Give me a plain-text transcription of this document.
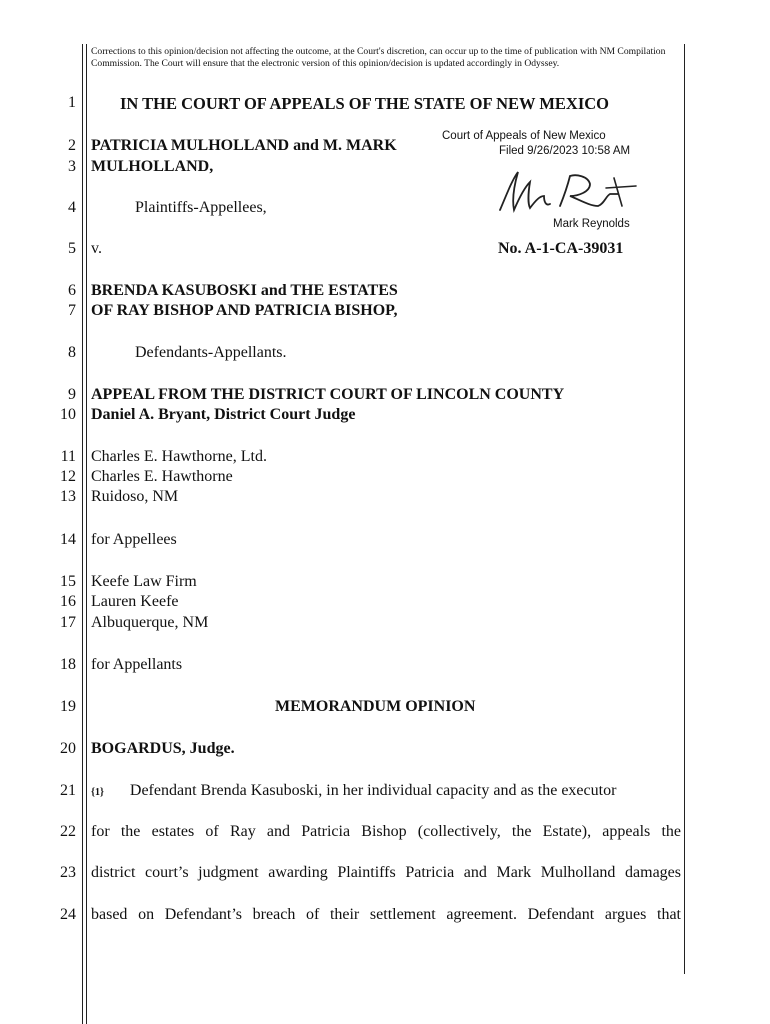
Corrections to this opinion/decision not affecting the outcome, at the Court's discretion, can occur up to the time of publication with NM Compilation Commission. The Court will ensure that the electronic version of this opinion/decision is updated accordingly in Odyssey.
1
2
3
4
5
6
7
8
9
10
11
12
13
14
15
16
17
18
19
20
21
22
23
24
IN THE COURT OF APPEALS OF THE STATE OF NEW MEXICO
PATRICIA MULHOLLAND and M. MARK
MULHOLLAND,
Plaintiffs-Appellees,
Court of Appeals of New Mexico
Filed 9/26/2023 10:58 AM
Mark Reynolds
v.	No. A-1-CA-39031
BRENDA KASUBOSKI and THE ESTATES
OF RAY BISHOP AND PATRICIA BISHOP,
Defendants-Appellants.
APPEAL FROM THE DISTRICT COURT OF LINCOLN COUNTY
Daniel A. Bryant, District Court Judge
Charles E. Hawthorne, Ltd.
Charles E. Hawthorne
Ruidoso, NM
for Appellees
Keefe Law Firm
Lauren Keefe
Albuquerque, NM
for Appellants
MEMORANDUM OPINION
BOGARDUS, Judge.
{1} Defendant Brenda Kasuboski, in her individual capacity and as the executor
for the estates of Ray and Patricia Bishop (collectively, the Estate), appeals the
district court’s judgment awarding Plaintiffs Patricia and Mark Mulholland damages
based on Defendant’s breach of their settlement agreement. Defendant argues that
